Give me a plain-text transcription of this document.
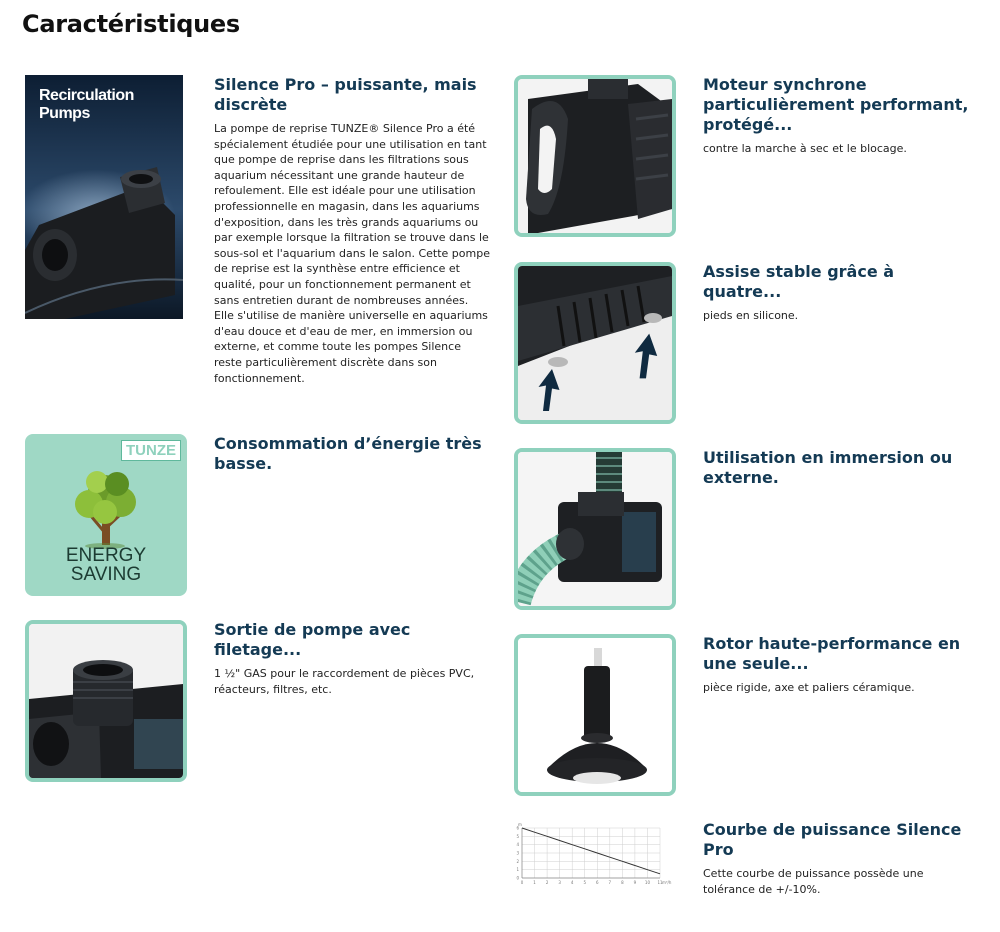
Caractéristiques
Recirculation Pumps
Silence Pro – puissante, mais discrète

La pompe de reprise TUNZE® Silence Pro a été spécialement étudiée pour une utilisation en tant que pompe de reprise dans les filtrations sous aquarium nécessitant une grande hauteur de refoulement. Elle est idéale pour une utilisation professionnelle en magasin, dans les aquariums d'exposition, dans les très grands aquariums ou par exemple lorsque la filtration se trouve dans le sous-sol et l'aquarium dans le salon. Cette pompe de reprise est la synthèse entre efficience et qualité, pour un fonctionnement permanent et sans entretien durant de nombreuses années. Elle s'utilise de manière universelle en aquariums d'eau douce et d'eau de mer, en immersion ou externe, et comme toute les pompes Silence reste particulièrement discrète dans son fonctionnement.

TUNZE
ENERGY
SAVING
Consommation d’énergie très basse.
Sortie de pompe avec filetage...

1 ½" GAS pour le raccordement de pièces PVC, réacteurs, filtres, etc.

Moteur synchrone particulièrement performant, protégé...

contre la marche à sec et le blocage.

Assise stable grâce à quatre...

pieds en silicone.

Utilisation en immersion ou externe.
Rotor haute-performance en une seule...

pièce rigide, axe et paliers céramique.

0 1 2 3 4 5 6 7 8 9 10 11
0
1
2
3
4
5
6
m³/h
m	Courbe de puissance Silence Pro

Cette courbe de puissance possède une tolérance de +/-10%.
